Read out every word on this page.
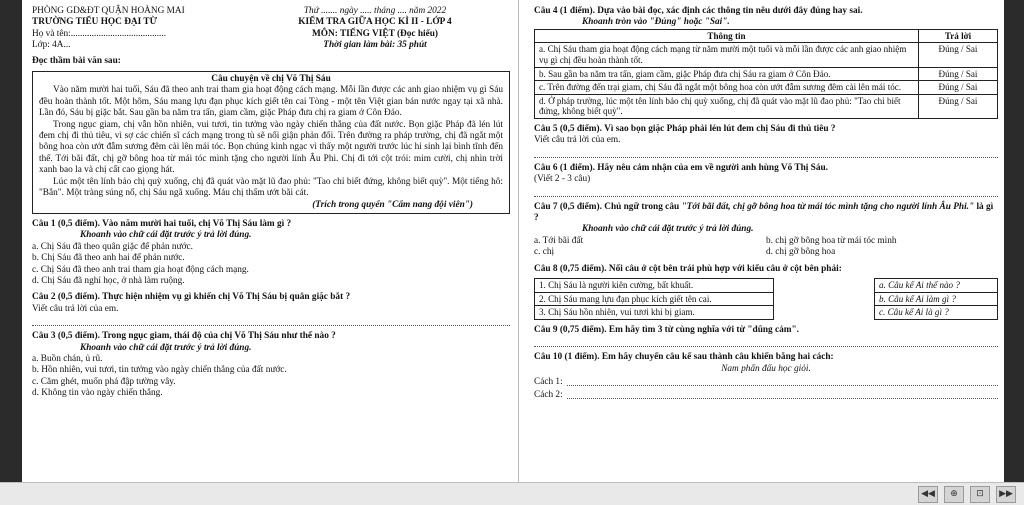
PHÒNG GD&ĐT QUẬN HOÀNG MAI
TRƯỜNG TIỂU HỌC ĐẠI TỪ
Họ và tên:.........................................
Lớp: 4A...
Thứ ....... ngày ..... tháng .... năm 2022
KIỂM TRA GIỮA HỌC KÌ II - LỚP 4
MÔN: TIẾNG VIỆT (Đọc hiểu)
Thời gian làm bài: 35 phút
Đọc thầm bài văn sau:
Câu chuyện về chị Võ Thị Sáu

Vào năm mười hai tuổi, Sáu đã theo anh trai tham gia hoạt động cách mạng. Mỗi lần được các anh giao nhiệm vụ gì Sáu đều hoàn thành tốt. Một hôm, Sáu mang lựu đạn phục kích giết tên cai Tòng - một tên Việt gian bán nước ngay tại xã nhà. Lần đó, Sáu bị giặc bắt. Sau gần ba năm tra tấn, giam cầm, giặc Pháp đưa chị ra giam ở Côn Đảo.

Trong ngục giam, chị vẫn hồn nhiên, vui tươi, tin tưởng vào ngày chiến thắng của đất nước. Bọn giặc Pháp đã lén lút đem chị đi thủ tiêu, vì sợ các chiến sĩ cách mạng trong tù sẽ nổi giận phản đối. Trên đường ra pháp trường, chị đã ngắt một bông hoa còn ướt đẫm sương đêm cài lên mái tóc. Bọn chúng kinh ngạc vì thấy một người trước lúc hi sinh lại bình tĩnh đến thế. Tới bãi đất, chị gỡ bông hoa từ mái tóc mình tặng cho người lính Âu Phi. Chị đi tới cột trói: mim cười, chị nhìn trời xanh bao la và chị cất cao giọng hát.

Lúc một tên lính bảo chị quỳ xuống, chị đã quát vào mặt lũ đao phủ: "Tao chỉ biết đứng, không biết quỳ". Một tiếng hô: "Bắn". Một tràng súng nổ, chị Sáu ngã xuống. Máu chị thấm ướt bãi cát.

(Trích trong quyển "Cẩm nang đội viên")
Câu 1 (0,5 điểm). Vào năm mười hai tuổi, chị Võ Thị Sáu làm gì ?
Khoanh vào chữ cái đặt trước ý trả lời đúng.
a. Chị Sáu đã theo quân giặc để phản nước.
b. Chị Sáu đã theo anh hai để phản nước.
c. Chị Sáu đã theo anh trai tham gia hoạt động cách mạng.
d. Chị Sáu đã nghỉ học, ở nhà làm ruộng.
Câu 2 (0,5 điểm). Thực hiện nhiệm vụ gì khiến chị Võ Thị Sáu bị quân giặc bắt ?
Viết câu trả lời của em.
Câu 3 (0,5 điểm). Trong ngục giam, thái độ của chị Võ Thị Sáu như thế nào ?
Khoanh vào chữ cái đặt trước ý trả lời đúng.
a. Buồn chán, ủ rũ.
b. Hồn nhiên, vui tươi, tin tưởng vào ngày chiến thắng của đất nước.
c. Căm ghét, muốn phá đập tường vây.
d. Không tin vào ngày chiến thắng.
Câu 4 (1 điểm). Dựa vào bài đọc, xác định các thông tin nêu dưới đây đúng hay sai.
Khoanh tròn vào "Đúng" hoặc "Sai".
Thông tin	Trả lời
a. Chị Sáu tham gia hoạt động cách mạng từ năm mười một tuổi và mỗi lần được các anh giao nhiệm vụ gì chị đều hoàn thành tốt.	Đúng / Sai
b. Sau gần ba năm tra tấn, giam cầm, giặc Pháp đưa chị Sáu ra giam ở Côn Đảo.	Đúng / Sai
c. Trên đường đến trại giam, chị Sáu đã ngắt một bông hoa còn ướt đẫm sương đêm cài lên mái tóc.	Đúng / Sai
d. Ở pháp trường, lúc một tên lính bảo chị quỳ xuống, chị đã quát vào mặt lũ đao phủ: "Tao chỉ biết đứng, không biết quỳ".	Đúng / Sai
Câu 5 (0,5 điểm). Vì sao bọn giặc Pháp phải lén lút đem chị Sáu đi thủ tiêu ?
Viết câu trả lời của em.
Câu 6 (1 điểm). Hãy nêu cảm nhận của em về người anh hùng Võ Thị Sáu.
(Viết 2 - 3 câu)
Câu 7 (0,5 điểm). Chủ ngữ trong câu "Tới bãi đất, chị gỡ bông hoa từ mái tóc mình tặng cho người lính Âu Phi." là gì ?
Khoanh vào chữ cái đặt trước ý trả lời đúng.
a. Tới bãi đất	b. chị gỡ bông hoa từ mái tóc mình
c. chị	d. chị gỡ bông hoa
Câu 8 (0,75 điểm). Nối câu ở cột bên trái phù hợp với kiểu câu ở cột bên phải:
1. Chị Sáu là người kiên cường, bất khuất.
2. Chị Sáu mang lựu đạn phục kích giết tên cai.
3. Chị Sáu hồn nhiên, vui tươi khi bị giam.
a. Câu kể Ai thế nào ?
b. Câu kể Ai làm gì ?
c. Câu kể Ai là gì ?
Câu 9 (0,75 điểm). Em hãy tìm 3 từ cùng nghĩa với từ "dũng cảm".
Câu 10 (1 điểm). Em hãy chuyển câu kể sau thành câu khiến bằng hai cách:
Nam phấn đấu học giỏi.
Cách 1:
Cách 2:
◀◀	⊕	⊡	▶▶
